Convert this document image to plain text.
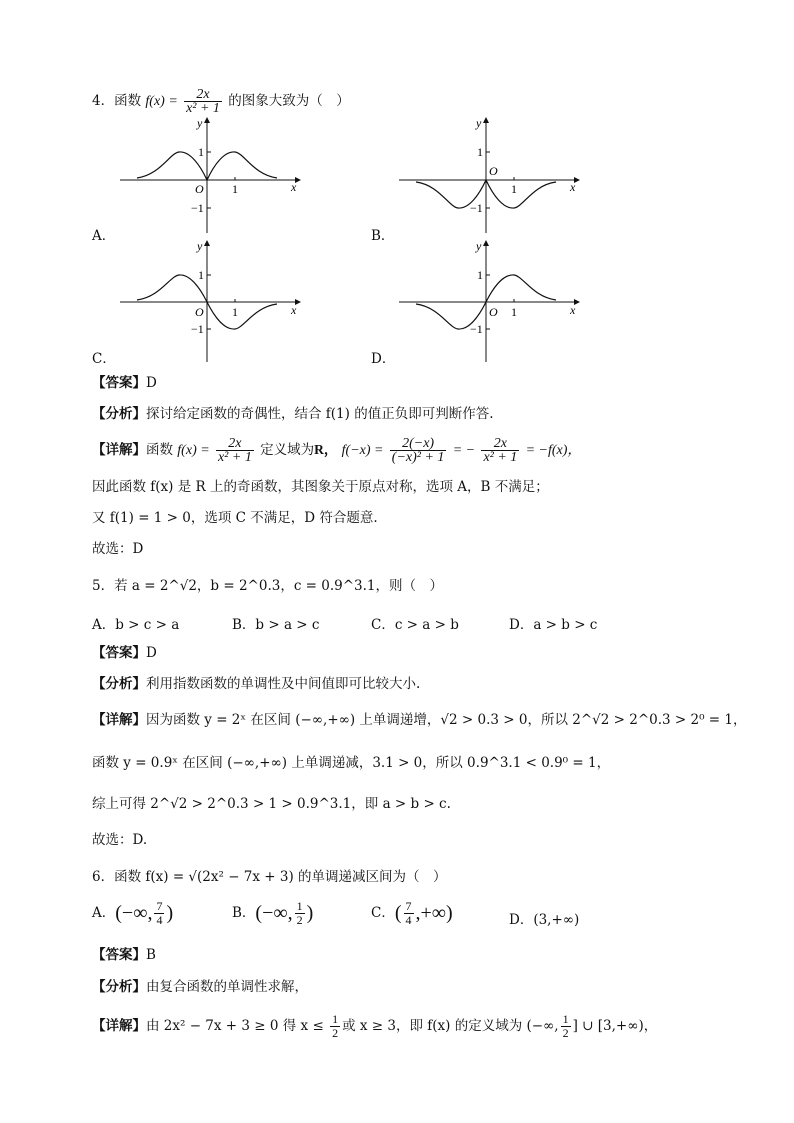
4．函数 $f(x) = \frac{2x}{\text{x² + 1}}$ 的图象大致为（　）
y
x
O
1
−1
1
A．
y
x
O
1
−1
1
B．
y
x
O
1
−1
1
C．
y
x
O
1
−1
1
D．
【答案】D
【分析】探讨给定函数的奇偶性，结合 f(1) 的值正负即可判断作答.
【详解】函数 $f(x) = \frac{2x}{\text{x² + 1}}$ 定义域为R， $f(-x) = \frac{2(-x)}{\text{(−x)² + 1}}$ = − $\frac{2x}{\text{x² + 1}} = -f(x)$，
因此函数 f(x) 是 R 上的奇函数，其图象关于原点对称，选项 A，B 不满足；
又 f(1) = 1 > 0，选项 C 不满足，D 符合题意.
故选：D
5．若 a = 2^√2，b = 2^0.3，c = 0.9^3.1，则（　）
A．b > c > a	B．b > a > c	C．c > a > b	D．a > b > c
【答案】D
【分析】利用指数函数的单调性及中间值即可比较大小.
【详解】因为函数 y = 2ˣ 在区间 (−∞,+∞) 上单调递增，√2 > 0.3 > 0，所以 2^√2 > 2^0.3 > 2⁰ = 1，
函数 y = 0.9ˣ 在区间 (−∞,+∞) 上单调递减，3.1 > 0，所以 0.9^3.1 < 0.9⁰ = 1，
综上可得 2^√2 > 2^0.3 > 1 > 0.9^3.1，即 a > b > c.
故选：D.
6．函数 f(x) = √(2x² − 7x + 3) 的单调递减区间为（　）
A．(−∞, $\frac{7}{4}$ )	B．(−∞, $\frac{1}{2}$ )	C．( $\frac{7}{4}$ ,+∞)	D．(3,+∞)
【答案】B
【分析】由复合函数的单调性求解，
【详解】由 2x² − 7x + 3 ≥ 0 得 $x \le \frac{1}{2}$ 或 x ≥ 3，即 f(x) 的定义域为 (−∞, $\frac{1}{2}$ ] ∪ [3,+∞)，
